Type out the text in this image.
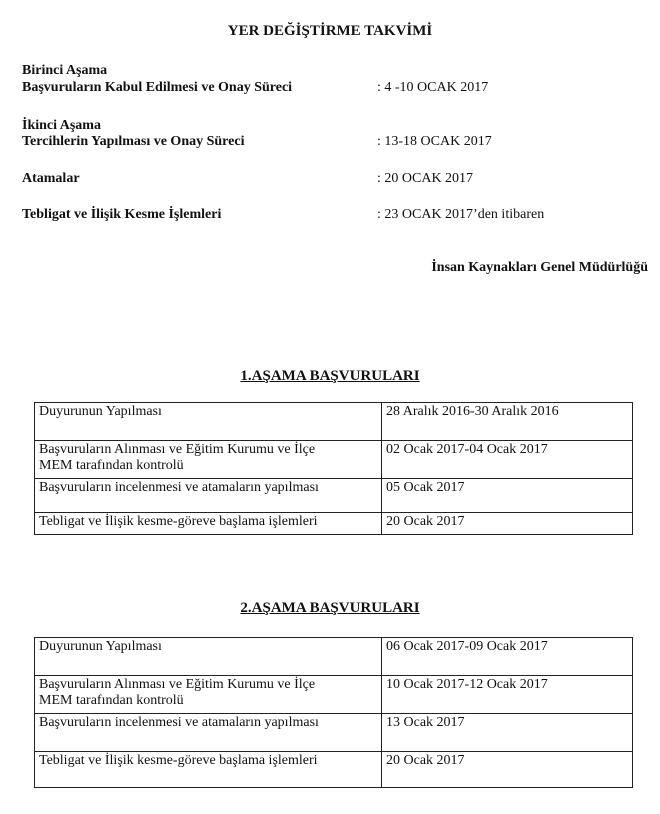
YER DEĞİŞTİRME TAKVİMİ
Birinci Aşama
Başvuruların Kabul Edilmesi ve Onay Süreci	: 4 -10 OCAK 2017
İkinci Aşama
Tercihlerin Yapılması ve Onay Süreci	: 13-18 OCAK 2017
Atamalar	: 20 OCAK 2017
Tebligat ve İlişik Kesme İşlemleri	: 23 OCAK 2017’den itibaren
İnsan Kaynakları Genel Müdürlüğü
1.AŞAMA BAŞVURULARI
Duyurunun Yapılması	28 Aralık 2016-30 Aralık 2016
Başvuruların Alınması ve Eğitim Kurumu ve İlçe
MEM tarafından kontrolü	02 Ocak 2017-04 Ocak 2017
Başvuruların incelenmesi ve atamaların yapılması	05 Ocak 2017
Tebligat ve İlişik kesme-göreve başlama işlemleri	20 Ocak 2017
2.AŞAMA BAŞVURULARI
Duyurunun Yapılması	06 Ocak 2017-09 Ocak 2017
Başvuruların Alınması ve Eğitim Kurumu ve İlçe
MEM tarafından kontrolü	10 Ocak 2017-12 Ocak 2017
Başvuruların incelenmesi ve atamaların yapılması	13 Ocak 2017
Tebligat ve İlişik kesme-göreve başlama işlemleri	20 Ocak 2017
